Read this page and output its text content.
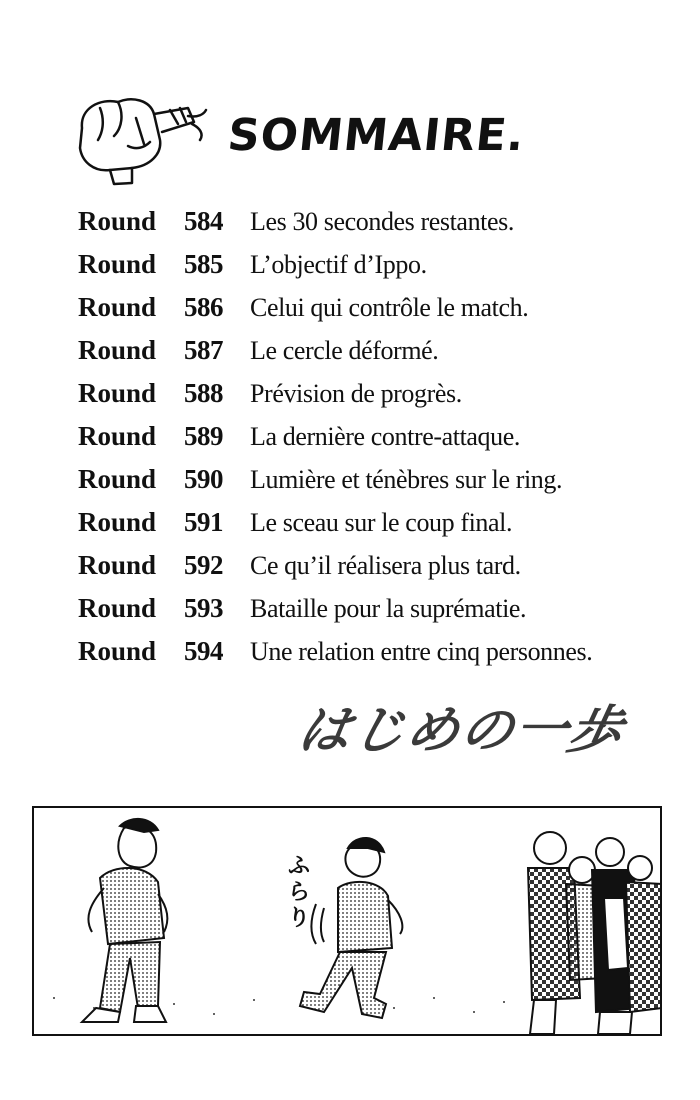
SOMMAIRE.
Round	584	Les 30 secondes restantes.
Round	585	L’objectif d’Ippo.
Round	586	Celui qui contrôle le match.
Round	587	Le cercle déformé.
Round	588	Prévision de progrès.
Round	589	La dernière contre-attaque.
Round	590	Lumière et ténèbres sur le ring.
Round	591	Le sceau sur le coup final.
Round	592	Ce qu’il réalisera plus tard.
Round	593	Bataille pour la suprématie.
Round	594	Une relation entre cinq personnes.
はじめの一歩
ふらり
